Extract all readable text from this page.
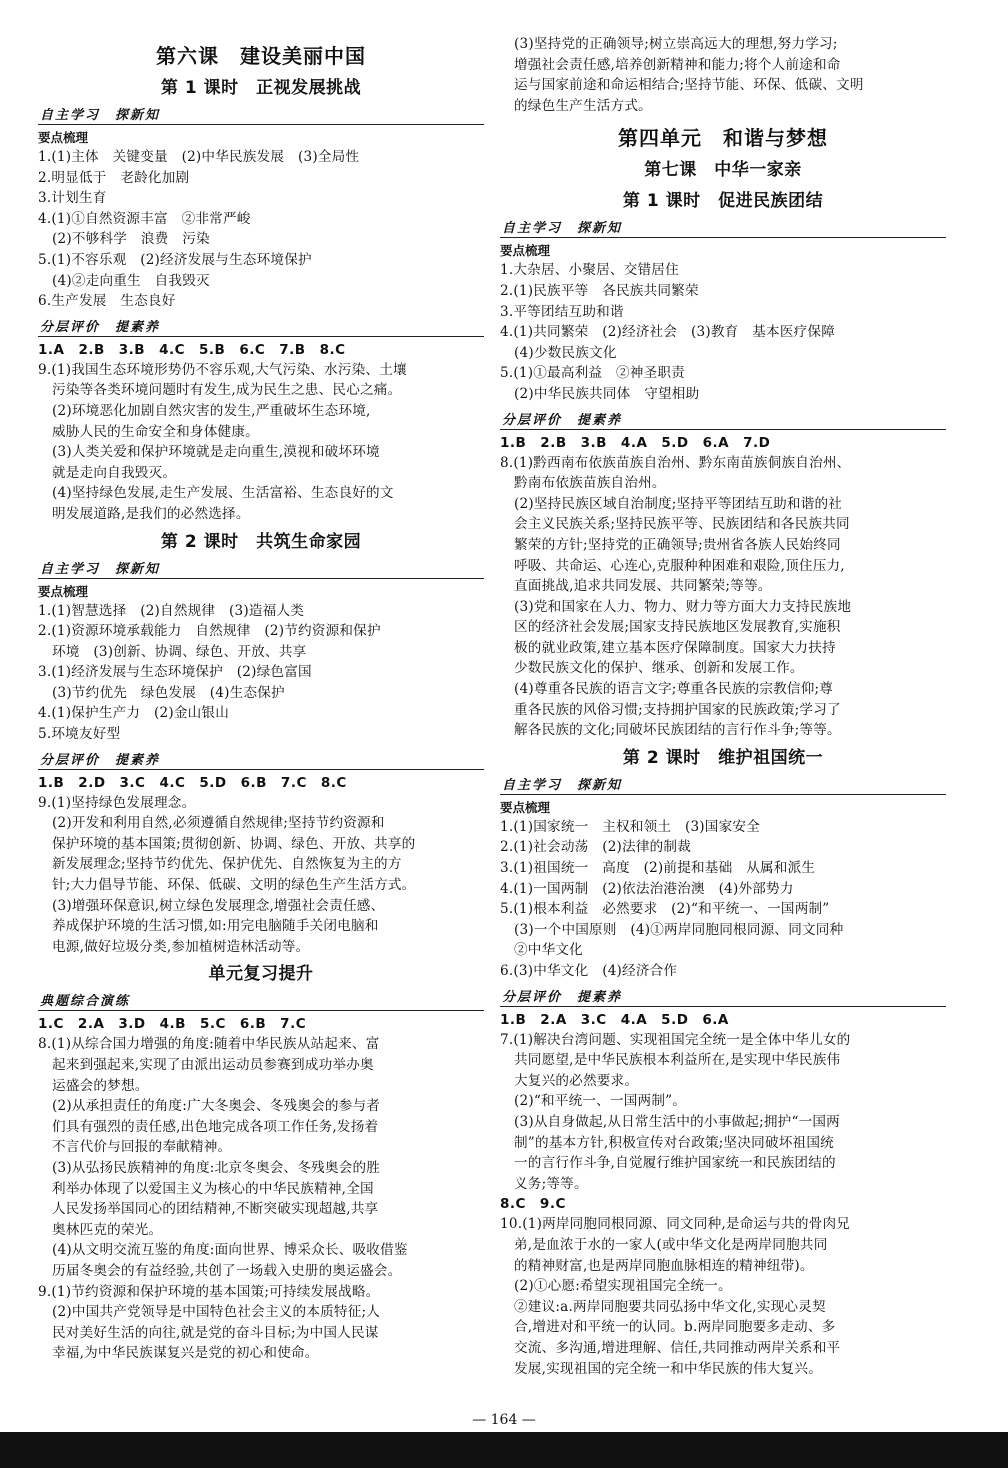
第六课　建设美丽中国
第 1 课时　正视发展挑战
自主学习　探新知
要点梳理
1.(1)主体　关键变量　(2)中华民族发展　(3)全局性
2.明显低于　老龄化加剧
3.计划生育
4.(1)①自然资源丰富　②非常严峻
(2)不够科学　浪费　污染
5.(1)不容乐观　(2)经济发展与生态环境保护
(4)②走向重生　自我毁灭
6.生产发展　生态良好
分层评价　提素养
1.A　2.B　3.B　4.C　5.B　6.C　7.B　8.C
9.(1)我国生态环境形势仍不容乐观,大气污染、水污染、土壤
污染等各类环境问题时有发生,成为民生之患、民心之痛。
(2)环境恶化加剧自然灾害的发生,严重破坏生态环境,
威胁人民的生命安全和身体健康。
(3)人类关爱和保护环境就是走向重生,漠视和破坏环境
就是走向自我毁灭。
(4)坚持绿色发展,走生产发展、生活富裕、生态良好的文
明发展道路,是我们的必然选择。
第 2 课时　共筑生命家园
自主学习　探新知
要点梳理
1.(1)智慧选择　(2)自然规律　(3)造福人类
2.(1)资源环境承载能力　自然规律　(2)节约资源和保护
环境　(3)创新、协调、绿色、开放、共享
3.(1)经济发展与生态环境保护　(2)绿色富国
(3)节约优先　绿色发展　(4)生态保护
4.(1)保护生产力　(2)金山银山
5.环境友好型
分层评价　提素养
1.B　2.D　3.C　4.C　5.D　6.B　7.C　8.C
9.(1)坚持绿色发展理念。
(2)开发和利用自然,必须遵循自然规律;坚持节约资源和
保护环境的基本国策;贯彻创新、协调、绿色、开放、共享的
新发展理念;坚持节约优先、保护优先、自然恢复为主的方
针;大力倡导节能、环保、低碳、文明的绿色生产生活方式。
(3)增强环保意识,树立绿色发展理念,增强社会责任感、
养成保护环境的生活习惯,如:用完电脑随手关闭电脑和
电源,做好垃圾分类,参加植树造林活动等。
单元复习提升
典题综合演练
1.C　2.A　3.D　4.B　5.C　6.B　7.C
8.(1)从综合国力增强的角度:随着中华民族从站起来、富
起来到强起来,实现了由派出运动员参赛到成功举办奥
运盛会的梦想。
(2)从承担责任的角度:广大冬奥会、冬残奥会的参与者
们具有强烈的责任感,出色地完成各项工作任务,发扬着
不言代价与回报的奉献精神。
(3)从弘扬民族精神的角度:北京冬奥会、冬残奥会的胜
利举办体现了以爱国主义为核心的中华民族精神,全国
人民发扬举国同心的团结精神,不断突破实现超越,共享
奥林匹克的荣光。
(4)从文明交流互鉴的角度:面向世界、博采众长、吸收借鉴
历届冬奥会的有益经验,共创了一场载入史册的奥运盛会。
9.(1)节约资源和保护环境的基本国策;可持续发展战略。
(2)中国共产党领导是中国特色社会主义的本质特征;人
民对美好生活的向往,就是党的奋斗目标;为中国人民谋
幸福,为中华民族谋复兴是党的初心和使命。
(3)坚持党的正确领导;树立崇高远大的理想,努力学习;
增强社会责任感,培养创新精神和能力;将个人前途和命
运与国家前途和命运相结合;坚持节能、环保、低碳、文明
的绿色生产生活方式。
第四单元　和谐与梦想
第七课　中华一家亲
第 1 课时　促进民族团结
自主学习　探新知
要点梳理
1.大杂居、小聚居、交错居住
2.(1)民族平等　各民族共同繁荣
3.平等团结互助和谐
4.(1)共同繁荣　(2)经济社会　(3)教育　基本医疗保障
(4)少数民族文化
5.(1)①最高利益　②神圣职责
(2)中华民族共同体　守望相助
分层评价　提素养
1.B　2.B　3.B　4.A　5.D　6.A　7.D
8.(1)黔西南布依族苗族自治州、黔东南苗族侗族自治州、
黔南布依族苗族自治州。
(2)坚持民族区域自治制度;坚持平等团结互助和谐的社
会主义民族关系;坚持民族平等、民族团结和各民族共同
繁荣的方针;坚持党的正确领导;贵州省各族人民始终同
呼吸、共命运、心连心,克服种种困难和艰险,顶住压力,
直面挑战,追求共同发展、共同繁荣;等等。
(3)党和国家在人力、物力、财力等方面大力支持民族地
区的经济社会发展;国家支持民族地区发展教育,实施积
极的就业政策,建立基本医疗保障制度。国家大力扶持
少数民族文化的保护、继承、创新和发展工作。
(4)尊重各民族的语言文字;尊重各民族的宗教信仰;尊
重各民族的风俗习惯;支持拥护国家的民族政策;学习了
解各民族的文化;同破坏民族团结的言行作斗争;等等。
第 2 课时　维护祖国统一
自主学习　探新知
要点梳理
1.(1)国家统一　主权和领土　(3)国家安全
2.(1)社会动荡　(2)法律的制裁
3.(1)祖国统一　高度　(2)前提和基础　从属和派生
4.(1)一国两制　(2)依法治港治澳　(4)外部势力
5.(1)根本利益　必然要求　(2)“和平统一、一国两制”
(3)一个中国原则　(4)①两岸同胞同根同源、同文同种
②中华文化
6.(3)中华文化　(4)经济合作
分层评价　提素养
1.B　2.A　3.C　4.A　5.D　6.A
7.(1)解决台湾问题、实现祖国完全统一是全体中华儿女的
共同愿望,是中华民族根本利益所在,是实现中华民族伟
大复兴的必然要求。
(2)“和平统一、一国两制”。
(3)从自身做起,从日常生活中的小事做起;拥护“一国两
制”的基本方针,积极宣传对台政策;坚决同破坏祖国统
一的言行作斗争,自觉履行维护国家统一和民族团结的
义务;等等。
8.C　9.C
10.(1)两岸同胞同根同源、同文同种,是命运与共的骨肉兄
弟,是血浓于水的一家人(或中华文化是两岸同胞共同
的精神财富,也是两岸同胞血脉相连的精神纽带)。
(2)①心愿:希望实现祖国完全统一。
②建议:a.两岸同胞要共同弘扬中华文化,实现心灵契
合,增进对和平统一的认同。b.两岸同胞要多走动、多
交流、多沟通,增进理解、信任,共同推动两岸关系和平
发展,实现祖国的完全统一和中华民族的伟大复兴。
— 164 —
